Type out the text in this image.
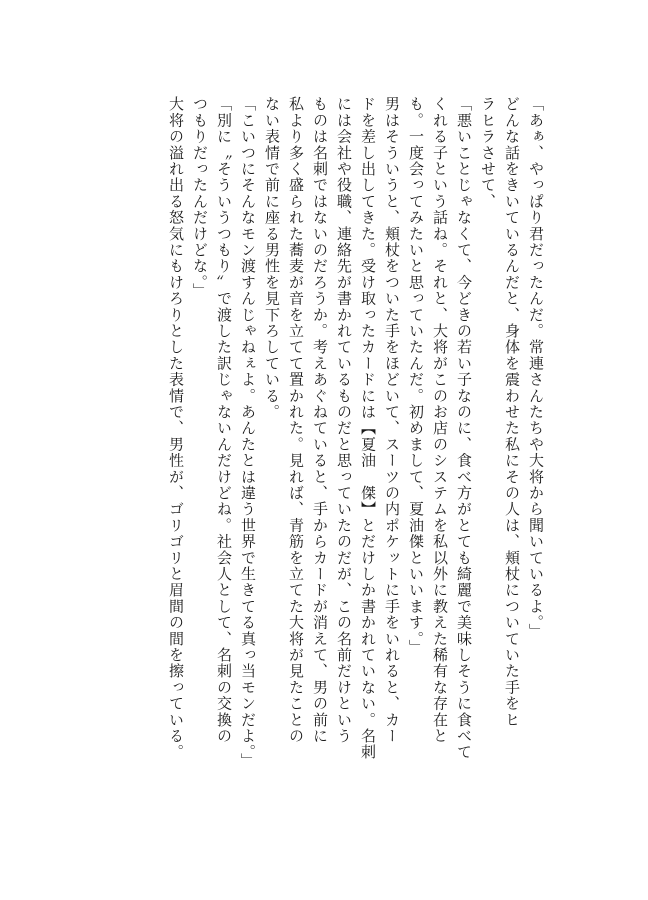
「あぁ、やっぱり君だったんだ。常連さんたちや大将から聞いているよ。」
どんな話をきいているんだと、身体を震わせた私にその人は、頬杖についていた手をヒ
ラヒラさせて、
「悪いことじゃなくて、今どきの若い子なのに、食べ方がとても綺麗で美味しそうに食べて
くれる子という話ね。それと、大将がこのお店のシステムを私以外に教えた稀有な存在と
も。一度会ってみたいと思っていたんだ。初めまして、夏油傑といいます。」
男はそういうと、頬杖をついた手をほどいて、スーツの内ポケットに手をいれると、カー
ドを差し出してきた。受け取ったカードには【夏油　傑】とだけしか書かれていない。名刺
には会社や役職、連絡先が書かれているものだと思っていたのだが、この名前だけという
ものは名刺ではないのだろうか。考えあぐねていると、手からカードが消えて、男の前に
私より多く盛られた蕎麦が音を立てて置かれた。見れば、青筋を立てた大将が見たことの
ない表情で前に座る男性を見下ろしている。
「こいつにそんなモン渡すんじゃねぇよ。あんたとは違う世界で生きてる真っ当モンだよ。」
「別に〝そういうつもり〟で渡した訳じゃないんだけどね。社会人として、名刺の交換の
つもりだったんだけどな。」
大将の溢れ出る怒気にもけろりとした表情で、男性が、ゴリゴリと眉間の間を擦っている。
